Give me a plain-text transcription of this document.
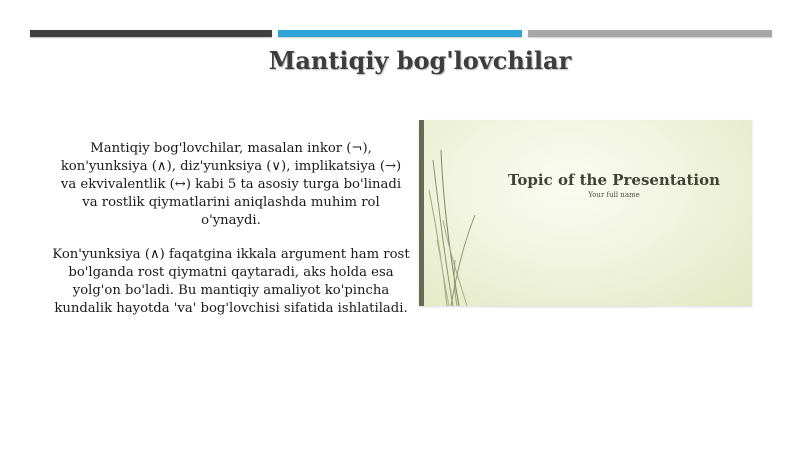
Mantiqiy bog'lovchilar

Mantiqiy bog'lovchilar, masalan inkor (¬), kon'yunksiya (∧), diz'yunksiya (∨), implikatsiya (→) va ekvivalentlik (↔) kabi 5 ta asosiy turga bo'linadi va rostlik qiymatlarini aniqlashda muhim rol o'ynaydi.

Kon'yunksiya (∧) faqatgina ikkala argument ham rost bo'lganda rost qiymatni qaytaradi, aks holda esa yolg'on bo'ladi. Bu mantiqiy amaliyot ko'pincha kundalik hayotda 'va' bog'lovchisi sifatida ishlatiladi.

Topic of the Presentation
Your full name
